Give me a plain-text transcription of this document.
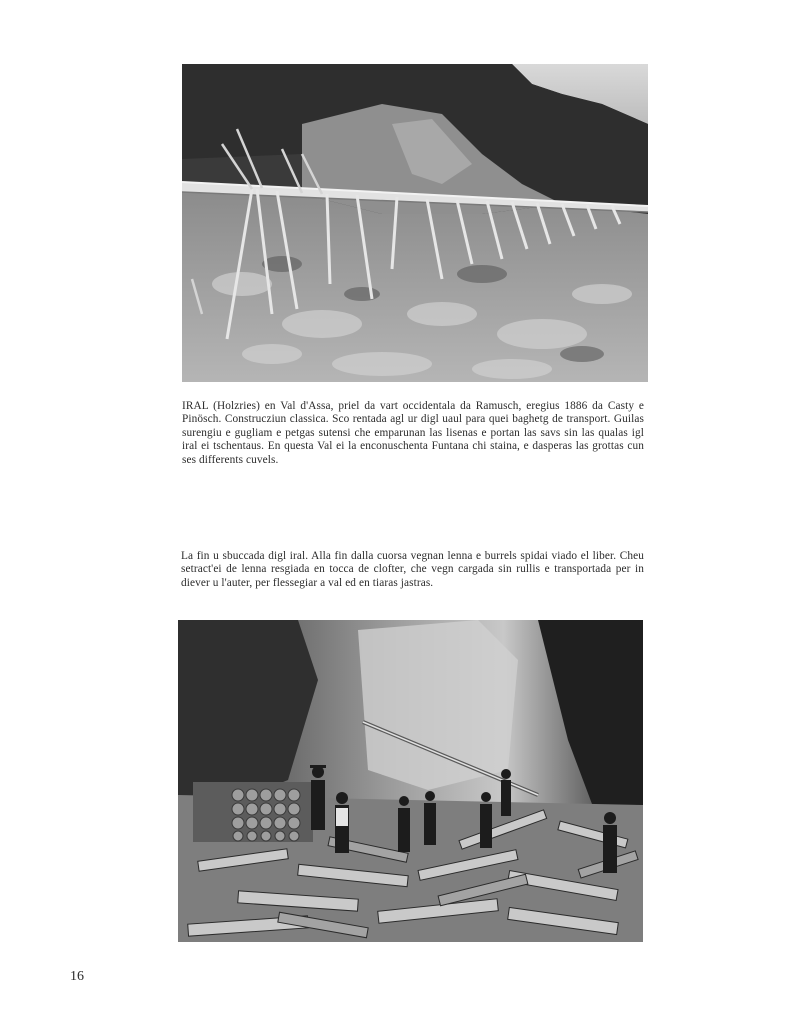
IRAL (Holzries) en Val d'Assa, priel da vart occidentala da Ramusch, eregius 1886 da Casty e Pinösch. Construcziun classica. Sco rentada agl ur digl uaul para quei baghetg de transport. Guilas surengiu e gugliam e petgas sutensi che emparunan las lisenas e portan las savs sin las qualas igl iral ei tschentaus. En questa Val ei la enconuschenta Funtana chi staina, e dasperas las grottas cun ses differents cuvels.

La fin u sbuccada digl iral. Alla fin dalla cuorsa vegnan lenna e burrels spidai viado el liber. Cheu setract'ei de lenna resgiada en tocca de clofter, che vegn cargada sin rullis e transportada per in diever u l'auter, per flessegiar a val ed en tiaras jastras.

16
